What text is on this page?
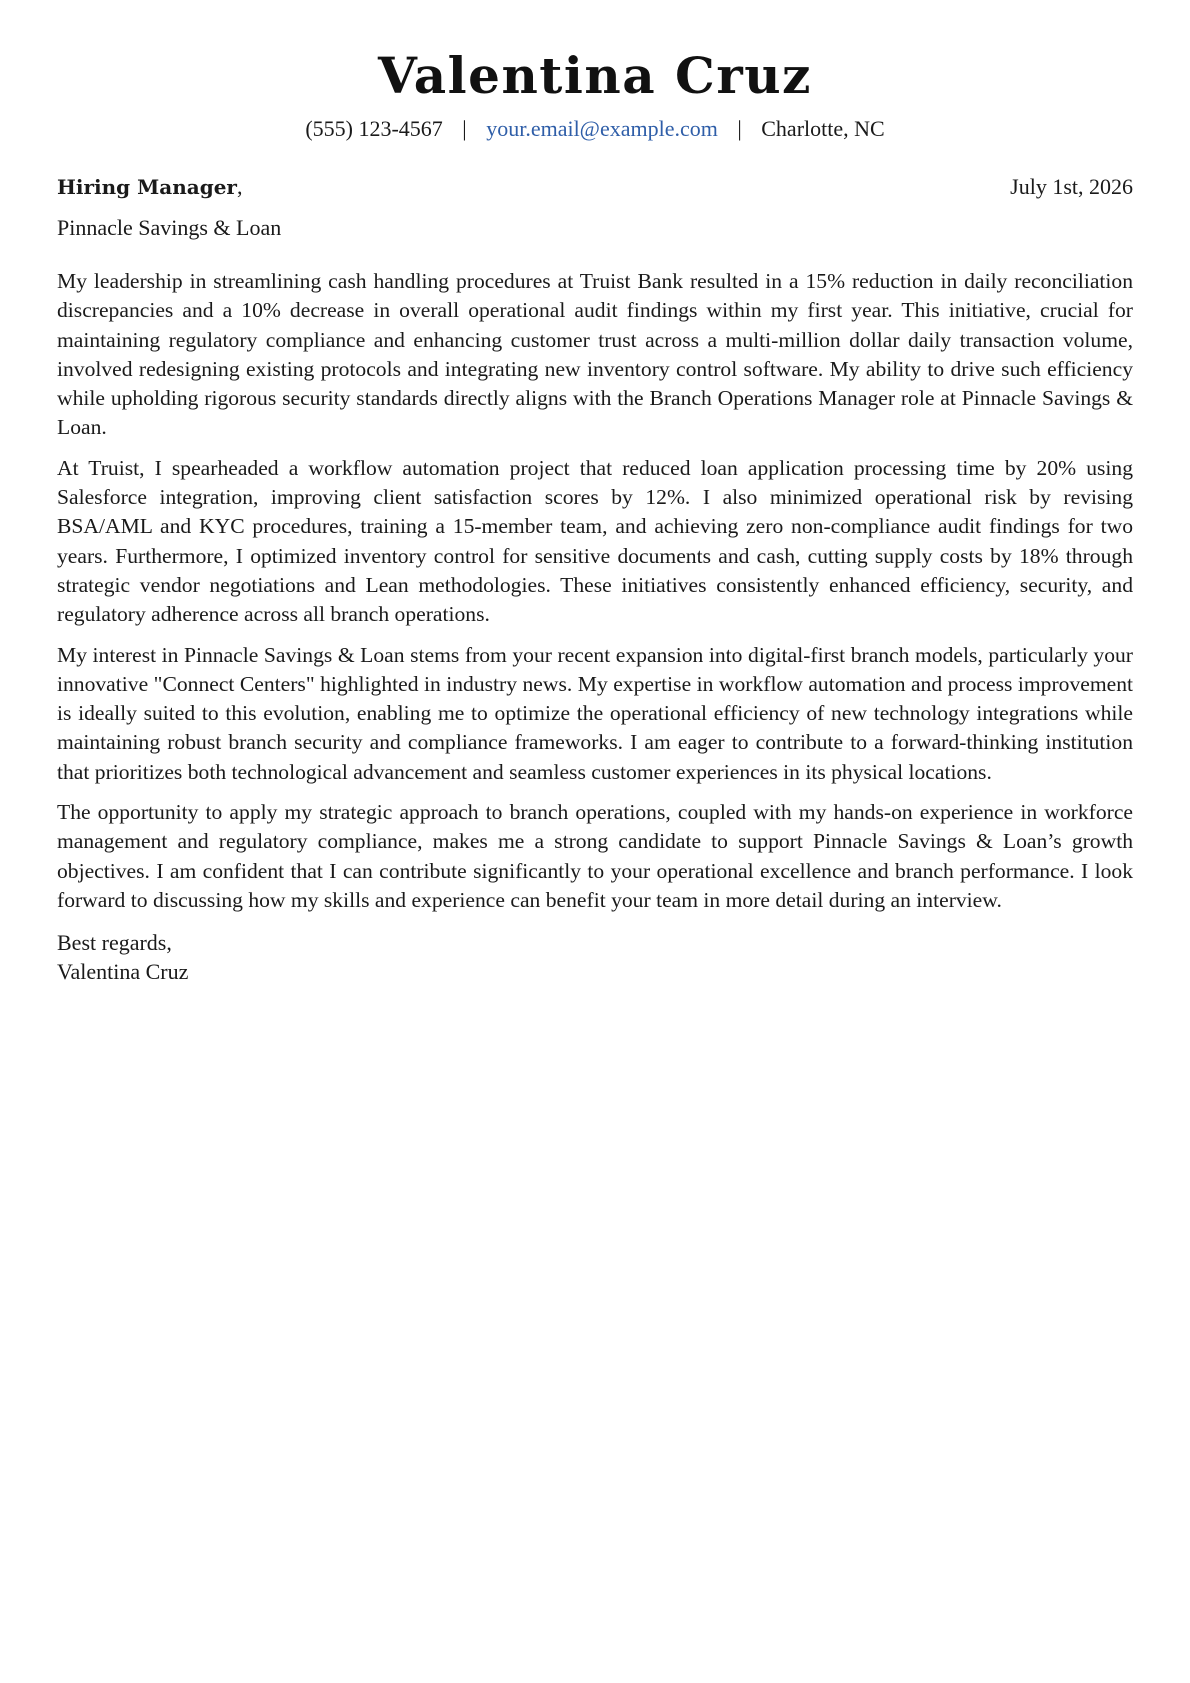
Valentina Cruz
(555) 123-4567 | your.email@example.com | Charlotte, NC
Hiring Manager,	July 1st, 2026
Pinnacle Savings & Loan

My leadership in streamlining cash handling procedures at Truist Bank resulted in a 15% reduction in daily reconciliation discrepancies and a 10% decrease in overall operational audit findings within my first year. This initiative, crucial for maintaining regulatory compliance and enhancing customer trust across a multi-million dollar daily transaction volume, involved redesigning existing protocols and integrating new inventory control software. My ability to drive such efficiency while upholding rigorous security standards directly aligns with the Branch Operations Manager role at Pinnacle Savings & Loan.

At Truist, I spearheaded a workflow automation project that reduced loan application processing time by 20% using Salesforce integration, improving client satisfaction scores by 12%. I also minimized operational risk by revising BSA/AML and KYC procedures, training a 15-member team, and achieving zero non-compliance audit findings for two years. Furthermore, I optimized inventory control for sensitive documents and cash, cutting supply costs by 18% through strategic vendor negotiations and Lean methodologies. These initiatives consistently enhanced efficiency, security, and regulatory adherence across all branch operations.

My interest in Pinnacle Savings & Loan stems from your recent expansion into digital-first branch models, particularly your innovative "Connect Centers" highlighted in industry news. My expertise in workflow automation and process improvement is ideally suited to this evolution, enabling me to optimize the operational efficiency of new technology integrations while maintaining robust branch security and compliance frameworks. I am eager to contribute to a forward-thinking institution that prioritizes both technological advancement and seamless customer experiences in its physical locations.

The opportunity to apply my strategic approach to branch operations, coupled with my hands-on experience in workforce management and regulatory compliance, makes me a strong candidate to support Pinnacle Savings & Loan’s growth objectives. I am confident that I can contribute significantly to your operational excellence and branch performance. I look forward to discussing how my skills and experience can benefit your team in more detail during an interview.

Best regards,
Valentina Cruz
